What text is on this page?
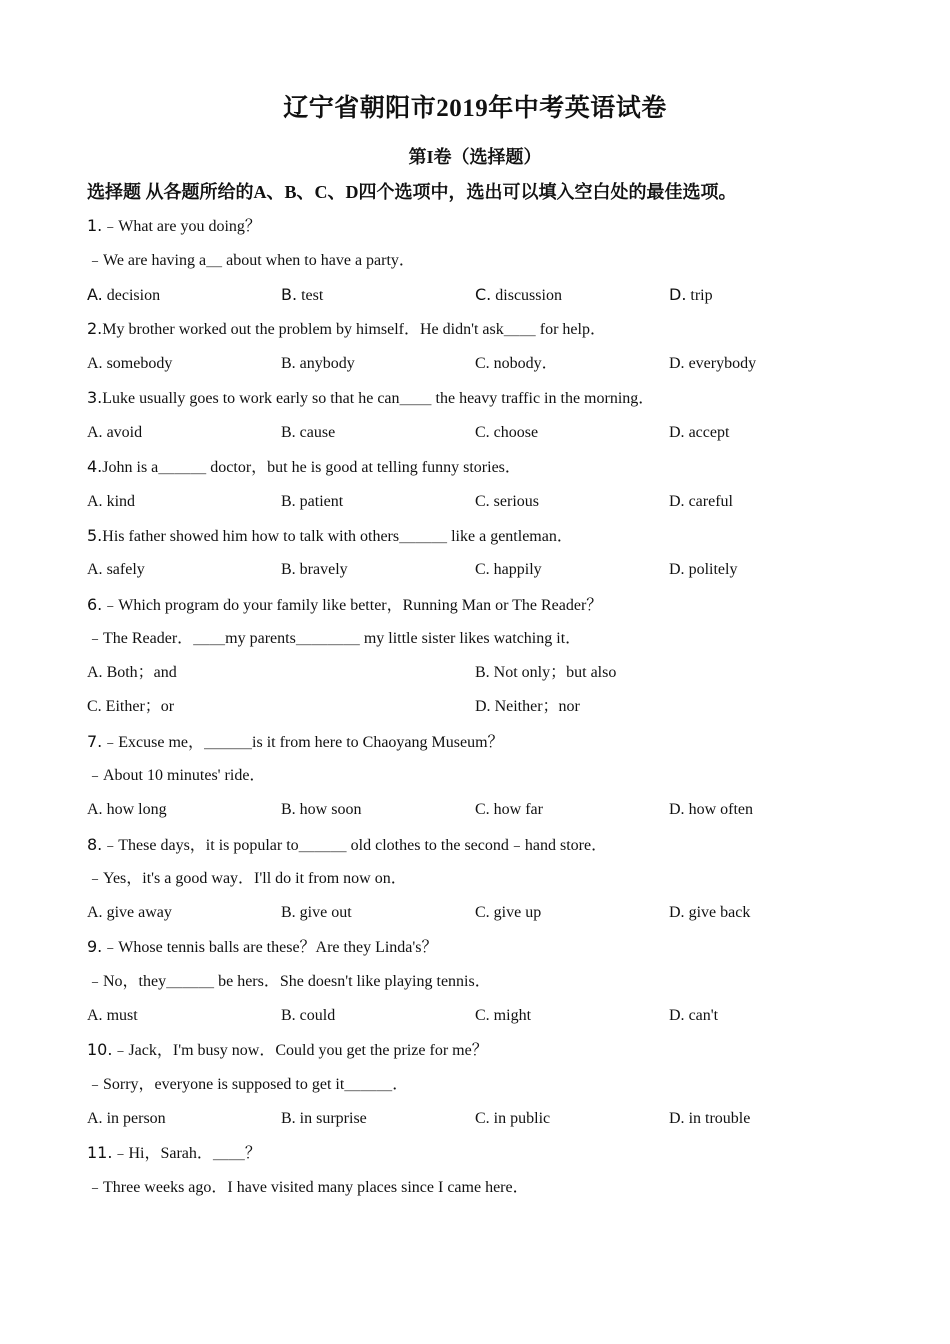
辽宁省朝阳市2019年中考英语试卷
第I卷（选择题）
选择题 从各题所给的A、B、C、D四个选项中，选出可以填入空白处的最佳选项。
1.﹣What are you doing？
﹣We are having a＿ about when to have a party．
A. decision	B. test	C. discussion	D. trip
2.My brother worked out the problem by himself．He didn't ask＿＿ for help．
A. somebody	B. anybody	C. nobody．	D. everybody
3.Luke usually goes to work early so that he can＿＿ the heavy traffic in the morning．
A. avoid	B. cause	C. choose	D. accept
4.John is a＿＿＿ doctor，but he is good at telling funny stories．
A. kind	B. patient	C. serious	D. careful
5.His father showed him how to talk with others＿＿＿ like a gentleman．
A. safely	B. bravely	C. happily	D. politely
6.﹣Which program do your family like better，Running Man or The Reader？
﹣The Reader．＿＿my parents＿＿＿＿ my little sister likes watching it．
A. Both；and	B. Not only；but also
C. Either；or	D. Neither；nor
7.﹣Excuse me，＿＿＿is it from here to Chaoyang Museum？
﹣About 10 minutes' ride．
A. how long	B. how soon	C. how far	D. how often
8.﹣These days，it is popular to＿＿＿ old clothes to the second﹣hand store．
﹣Yes，it's a good way．I'll do it from now on．
A. give away	B. give out	C. give up	D. give back
9.﹣Whose tennis balls are these？Are they Linda's？
﹣No，they＿＿＿ be hers．She doesn't like playing tennis．
A. must	B. could	C. might	D. can't
10.﹣Jack，I'm busy now．Could you get the prize for me？
﹣Sorry，everyone is supposed to get it＿＿＿．
A. in person	B. in surprise	C. in public	D. in trouble
11.﹣Hi，Sarah．＿＿？
﹣Three weeks ago．I have visited many places since I came here．
